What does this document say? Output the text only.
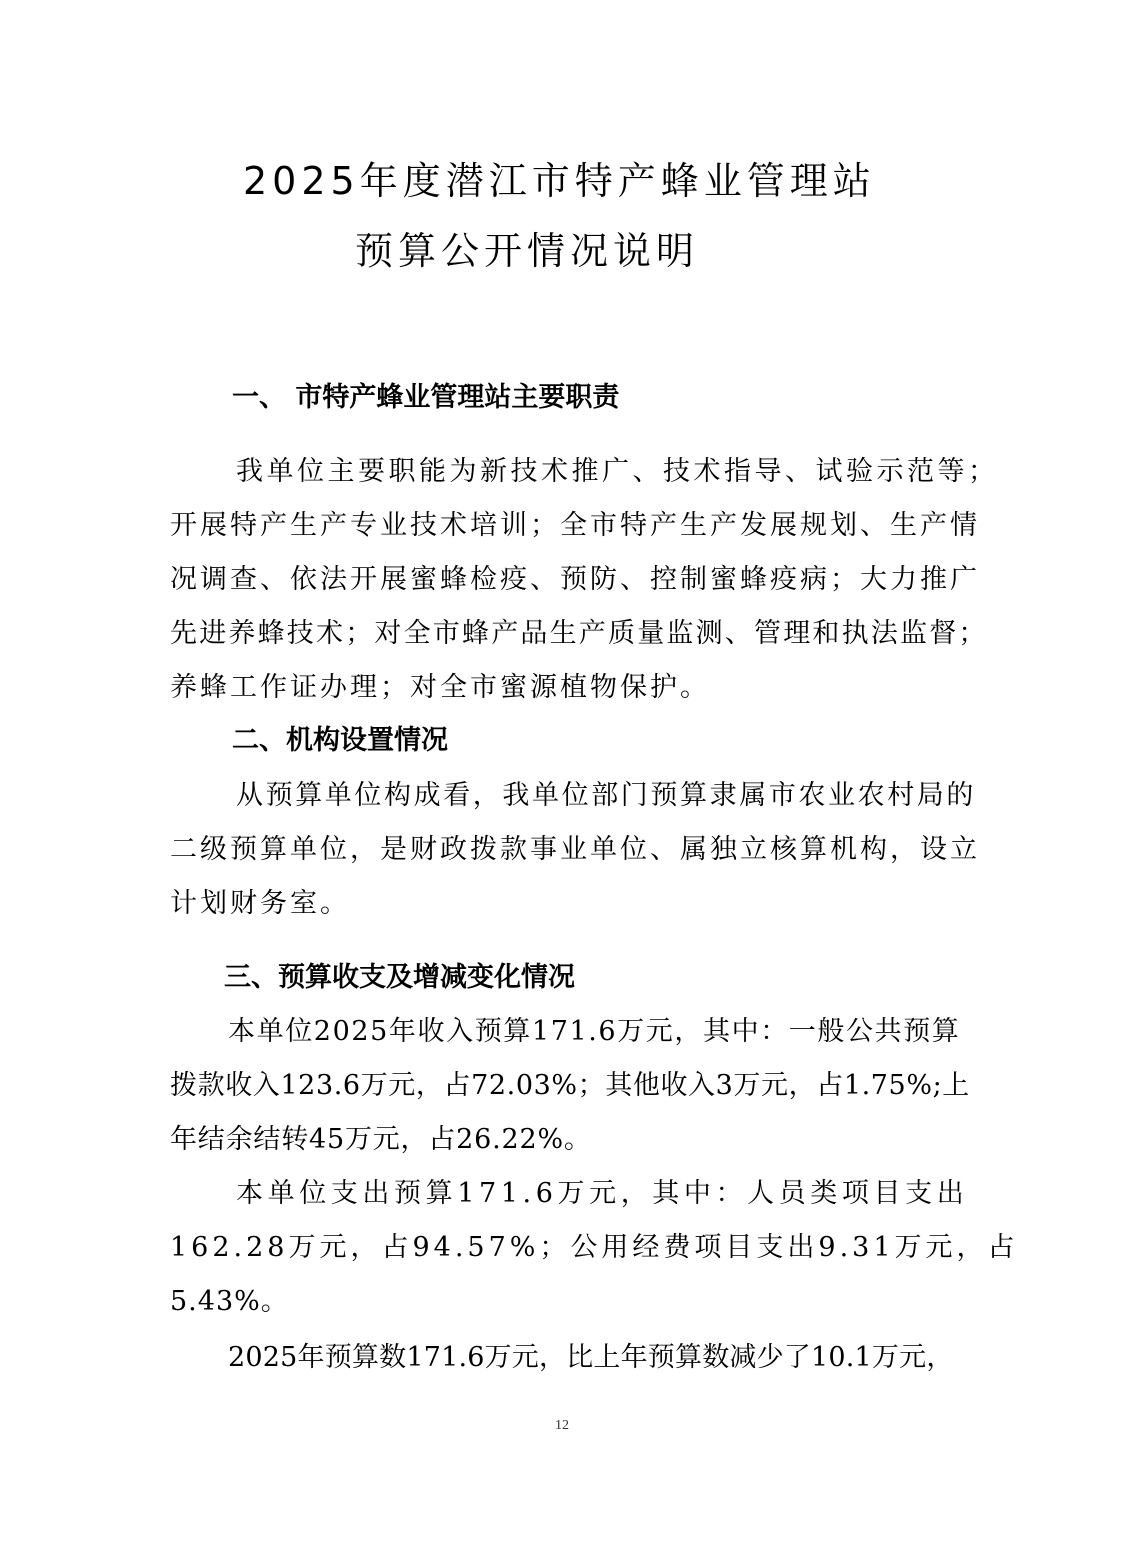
2025年度潜江市特产蜂业管理站
预算公开情况说明
一、 市特产蜂业管理站主要职责

我单位主要职能为新技术推广、技术指导、试验示范等；

开展特产生产专业技术培训；全市特产生产发展规划、生产情

况调查、依法开展蜜蜂检疫、预防、控制蜜蜂疫病；大力推广

先进养蜂技术；对全市蜂产品生产质量监测、管理和执法监督；

养蜂工作证办理；对全市蜜源植物保护。

二、机构设置情况

从预算单位构成看，我单位部门预算隶属市农业农村局的

二级预算单位，是财政拨款事业单位、属独立核算机构，设立

计划财务室。

三、预算收支及增减变化情况

本单位2025年收入预算171.6万元，其中：一般公共预算

拨款收入123.6万元，占72.03%；其他收入3万元，占1.75%;上

年结余结转45万元，占26.22%。

本单位支出预算171.6万元，其中：人员类项目支出

162.28万元，占94.57%；公用经费项目支出9.31万元，占

5.43%。

2025年预算数171.6万元，比上年预算数减少了10.1万元，

12
